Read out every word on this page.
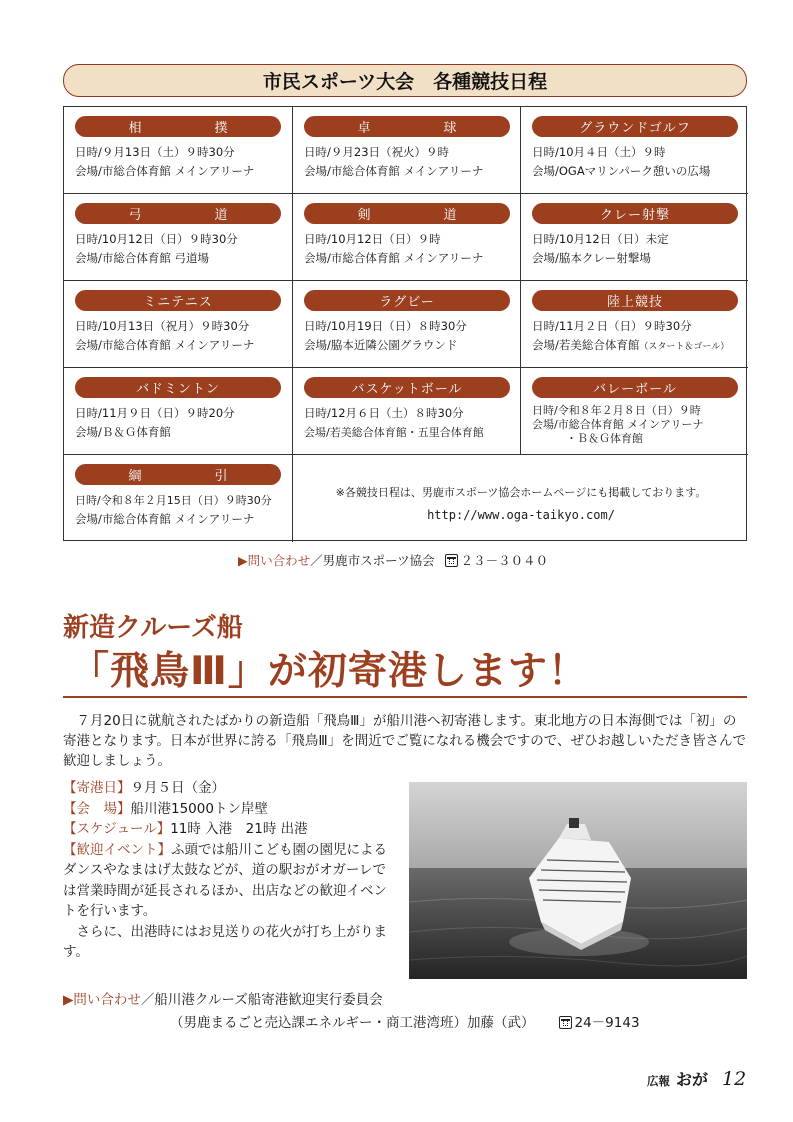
市民スポーツ大会　各種競技日程
相　撲
日時/９月13日（土）９時30分
会場/市総合体育館 メインアリーナ
卓　球
日時/９月23日（祝火）９時
会場/市総合体育館 メインアリーナ
グラウンドゴルフ
日時/10月４日（土）９時
会場/OGAマリンパーク憩いの広場
弓　道
日時/10月12日（日）９時30分
会場/市総合体育館 弓道場
剣　道
日時/10月12日（日）９時
会場/市総合体育館 メインアリーナ
クレー射撃
日時/10月12日（日）未定
会場/脇本クレー射撃場
ミニテニス
日時/10月13日（祝月）９時30分
会場/市総合体育館 メインアリーナ
ラグビー
日時/10月19日（日）８時30分
会場/脇本近隣公園グラウンド
陸上競技
日時/11月２日（日）９時30分
会場/若美総合体育館（スタート＆ゴール）
バドミントン
日時/11月９日（日）９時20分
会場/Ｂ＆Ｇ体育館
バスケットボール
日時/12月６日（土）８時30分
会場/若美総合体育館・五里合体育館
バレーボール
日時/令和８年２月８日（日）９時
会場/市総合体育館 メインアリーナ
・Ｂ＆Ｇ体育館
綱　引
日時/令和８年２月15日（日）９時30分
会場/市総合体育館 メインアリーナ
※各競技日程は、男鹿市スポーツ協会ホームページにも掲載しております。
http://www.oga-taikyo.com/
▶問い合わせ／男鹿市スポーツ協会 ２３－３０４０
新造クルーズ船
「飛鳥Ⅲ」が初寄港します！
　７月20日に就航されたばかりの新造船「飛鳥Ⅲ」が船川港へ初寄港します。東北地方の日本海側では「初」の寄港となります。日本が世界に誇る「飛鳥Ⅲ」を間近でご覧になれる機会ですので、ぜひお越しいただき皆さんで歓迎しましょう。
【寄港日】９月５日（金）
【会　場】船川港15000トン岸壁
【スケジュール】11時 入港　21時 出港
【歓迎イベント】ふ頭では船川こども園の園児によるダンスやなまはげ太鼓などが、道の駅おがオガーレでは営業時間が延長されるほか、出店などの歓迎イベントを行います。
　さらに、出港時にはお見送りの花火が打ち上がります。
▶問い合わせ／船川港クルーズ船寄港歓迎実行委員会
（男鹿まるごと売込課エネルギー・商工港湾班）加藤（武）	24－9143
広報 おが 12
